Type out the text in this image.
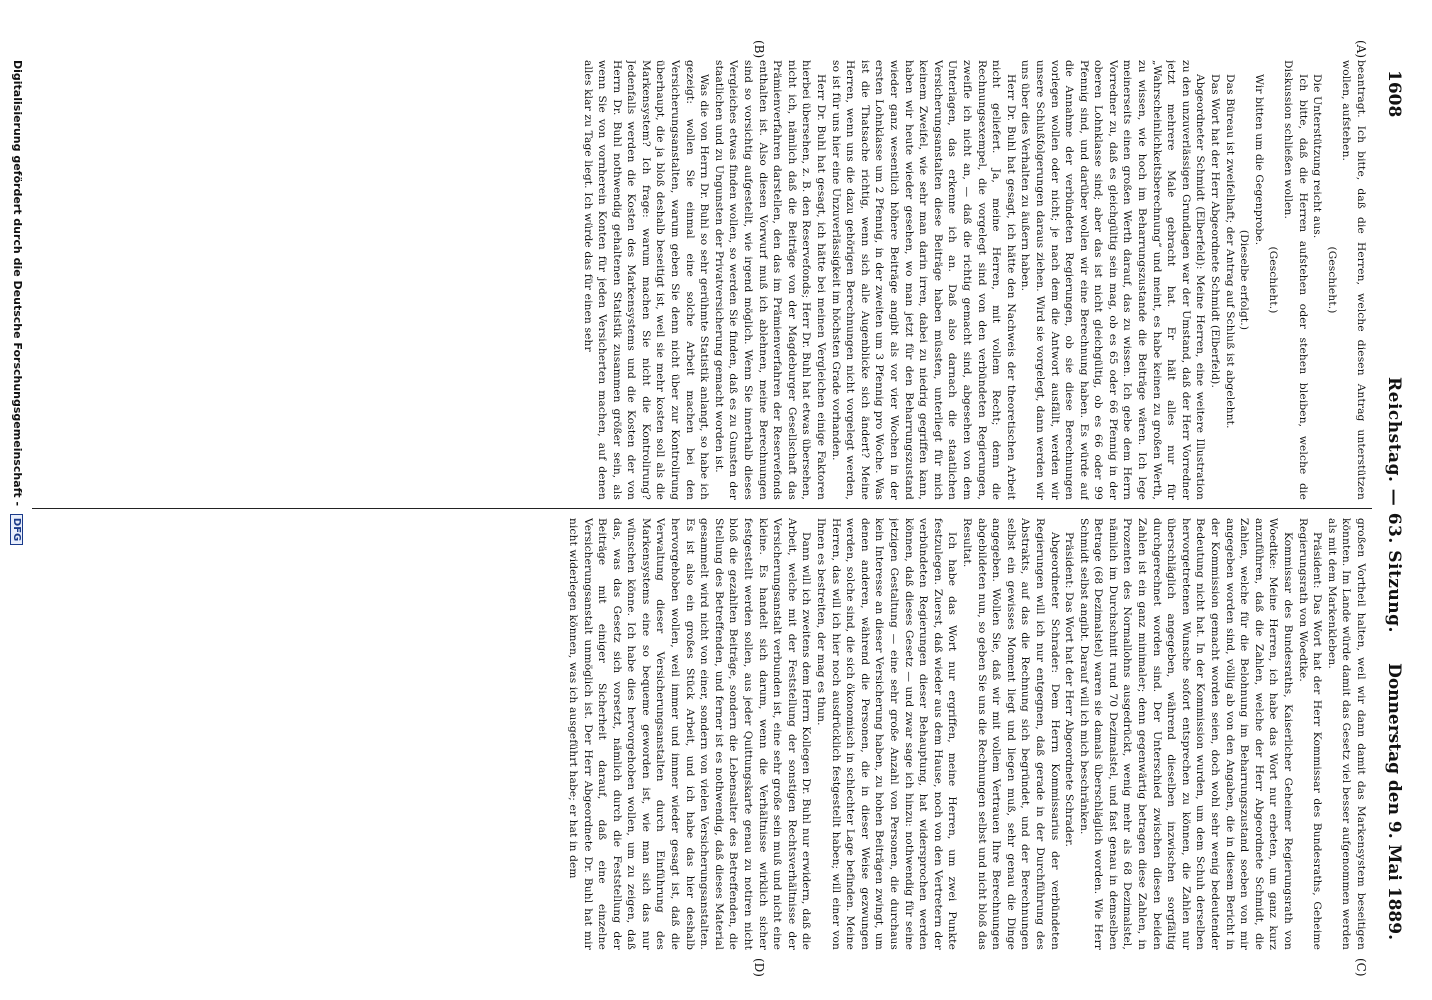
1608
Reichstag. — 63. Sitzung.
Donnerstag den 9. Mai 1889.
(A)
(B)
(C)
(D)

beantragt. Ich bitte, daß die Herren, welche diesen Antrag unterstützen wollen, aufstehen.

(Geschieht.)

Die Unterstützung reicht aus.

Ich bitte, daß die Herren aufstehen oder stehen bleiben, welche die Diskussion schließen wollen.

(Geschieht.)

Wir bitten um die Gegenprobe.

(Dieselbe erfolgt.)

Das Büreau ist zweifelhaft; der Antrag auf Schluß ist abgelehnt.

Das Wort hat der Herr Abgeordnete Schmidt (Elberfeld).

Abgeordneter Schmidt (Elberfeld): Meine Herren, eine weitere Illustration zu den unzuverlässigen Grundlagen war der Umstand, daß der Herr Vorredner jetzt mehrere Male gebracht hat. Er hält alles nur für „Wahrscheinlichkeitsberechnung“ und meint, es habe keinen zu großen Werth, zu wissen, wie hoch im Beharrungszustande die Beiträge wären. Ich lege meinerseits einen großen Werth darauf, das zu wissen. Ich gebe dem Herrn Vorredner zu, daß es gleichgültig sein mag, ob es 65 oder 66 Pfennig in der oberen Lohnklasse sind; aber das ist nicht gleichgültig, ob es 66 oder 99 Pfennig sind, und darüber wollen wir eine Berechnung haben. Es würde auf die Annahme der verbündeten Regierungen, ob sie diese Berechnungen vorlegen wollen oder nicht; je nach dem die Antwort ausfällt, werden wir unsere Schlußfolgerungen daraus ziehen. Wird sie vorgelegt, dann werden wir uns über dies Verhalten zu äußern haben.

Herr Dr. Buhl hat gesagt, ich hätte den Nachweis der theoretischen Arbeit nicht geliefert. Ja, meine Herren, mit vollem Recht; denn die Rechnungsexempel, die vorgelegt sind von den verbündeten Regierungen, zweifle ich nicht an, — daß die richtig gemacht sind, abgesehen von dem Unterlagen, das erkenne ich an. Daß also darnach die staatlichen Versicherungsanstalten diese Beiträge haben müssten, unterliegt für mich keinem Zweifel, wie sehr man darin irren, dabei zu niedrig gegriffen kann, haben wir heute wieder gesehen, wo man jetzt für den Beharrungszustand wieder ganz wesentlich höhere Beiträge angibt als vor vier Wochen in der ersten Lohnklasse um 2 Pfennig, in der zweiten um 3 Pfennig pro Woche. Was ist die Thatsache richtig, wenn sich alle Augenblicke sich ändert? Meine Herren, wenn uns die dazu gehörigen Berechnungen nicht vorgelegt werden, so ist für uns hier eine Unzuverlässigkeit im höchsten Grade vorhanden.

Herr Dr. Buhl hat gesagt, ich hätte bei meinen Vergleichen einige Faktoren hierbei übersehen, z. B. den Reservefonds; Herr Dr. Buhl hat etwas übersehen, nicht ich, nämlich daß die Beiträge von der Magdeburger Gesellschaft das Prämienverfahren darstellen, den das im Prämienverfahren der Reservefonds enthalten ist. Also diesen Vorwurf muß ich ablehnen, meine Berechnungen sind so vorsichtig aufgestellt, wie irgend möglich. Wenn Sie innerhalb dieses Vergleiches etwas finden wollen, so werden Sie finden, daß es zu Gunsten der staatlichen und zu Ungunsten der Privatversicherung gemacht worden ist.

Was die von Herrn Dr. Buhl so sehr gerühmte Statistik anlangt, so habe ich gezeigt: wollen Sie einmal eine solche Arbeit machen bei den Versicherungsanstalten, warum geben Sie denn nicht über zur Kontrolirung überhaupt, die ja bloß deshalb beseitigt ist, weil sie mehr kosten soll als die Markensystem? Ich frage: warum machen Sie nicht die Kontrolirung? Jedenfalls werden die Kosten des Markensystems und die Kosten der von Herrn Dr. Buhl nothwendig gehaltenen Statistik zusammen größer sein, als wenn Sie von vornherein Konten für jeden Versicherten machen, auf denen alles klar zu Tage liegt. Ich würde das für einen sehr

großen Vortheil halten, weil wir dann damit das Markensystem beseitigen könnten. Im Lande würde damit das Gesetz viel besser aufgenommen werden als mit dem Markenkleben.

Präsident: Das Wort hat der Herr Kommissar des Bundesraths, Geheime Regierungsrath von Woedtke.

Kommissar des Bundesraths, Kaiserlicher Geheimer Regierungsrath von Woedtke: Meine Herren, ich habe das Wort nur erbeten, um ganz kurz anzuführen, daß die Zahlen, welche der Herr Abgeordnete Schmidt, die Zahlen, welche für die Belohnung im Beharrungszustand soeben von mir angegeben worden sind, völlig ab von den Angaben, die in diesem Bericht in der Kommission gemacht worden seien, doch wohl sehr wenig bedeutender Bedeutung nicht hat. In der Kommission wurden, um dem Schuh derselben hervorgetretenen Wunsche sofort entsprechen zu können, die Zahlen nur überschläglich angegeben, während dieselben inzwischen sorgfältig durchgerechnet worden sind. Der Unterschied zwischen diesen beiden Zahlen ist ein ganz minimaler; denn gegenwärtig betragen diese Zahlen, in Prozenten des Normallohns ausgedrückt, wenig mehr als 68 Dezimalstel, nämlich im Durchschnitt rund 70 Dezimalstel, und fast genau in demselben Betrage (68 Dezimalstel) waren sie damals überschläglich worden. Wie Herr Schmidt selbst angibt. Darauf will ich mich beschränken.

Präsident: Das Wort hat der Herr Abgeordnete Schrader.

Abgeordneter Schrader: Dem Herrn Kommissarius der verbündeten Regierungen will ich nur entgegnen, daß gerade in der Durchführung des Abstrakts, auf das die Rechnung sich begründet, und der Berechnungen selbst ein gewisses Moment liegt und liegen muß, sehr genau die Dinge angegeben. Wollen Sie, daß wir mit vollem Vertrauen Ihre Berechnungen abgebildeten nun, so geben Sie uns die Rechnungen selbst und nicht bloß das Resultat.

Ich habe das Wort nur ergriffen, meine Herren, um zwei Punkte festzulegen. Zuerst, daß wieder aus dem Hause, noch von den Vertretern der verbündeten Regierungen dieser Behauptung, hat widersprochen werden können, daß dieses Gesetz — und zwar sage ich hinzu: nothwendig für seine jetzigen Gestaltung — eine sehr große Anzahl von Personen, die durchaus kein Interesse an dieser Versicherung haben, zu hohen Beiträgen zwingt, um denen anderen, während die Personen, die in dieser Weise gezwungen werden, solche sind, die sich ökonomisch in schlechter Lage befinden. Meine Herren, das will ich hier noch ausdrücklich festgestellt haben; will einer von Ihnen es bestreiten, der mag es thun.

Dann will ich zweitens dem Herrn Kollegen Dr. Buhl nur erwidern, daß die Arbeit, welche mit der Feststellung der sonstigen Rechtsverhältnisse der Versicherungsanstalt verbunden ist, eine sehr große sein muß und nicht eine kleine. Es handelt sich darum, wenn die Verhältnisse wirklich sicher festgestellt werden sollen, aus jeder Quittungskarte genau zu notiren nicht bloß die gezahlten Beiträge, sondern die Lebensalter des Betreffenden, die Stellung des Betreffenden, und ferner ist es nothwendig, daß dieses Material gesammelt wird nicht von einer, sondern von vielen Versicherungsanstalten. Es ist also ein großes Stück Arbeit, und ich habe das hier deshalb hervorgehoben wollen, weil immer und immer wieder gesagt ist, daß die Verwaltung dieser Versicherungsanstalten durch Einführung des Markensystems eine so bequeme geworden ist, wie man sich das nur wünschen könne. Ich habe dies hervorgehoben wollen, um zu zeigen, daß das, was das Gesetz sich vorsetzt, nämlich durch die Feststellung der Beiträge mit einiger Sicherheit darauf, daß eine einzelne Versicherungsanstalt unmöglich ist. Der Herr Abgeordnete Dr. Buhl hat mir nicht widerlegen können, was ich ausgeführt habe; er hat in dem

Digitalisierung gefördert durch die Deutsche Forschungsgemeinschaft - DFG
